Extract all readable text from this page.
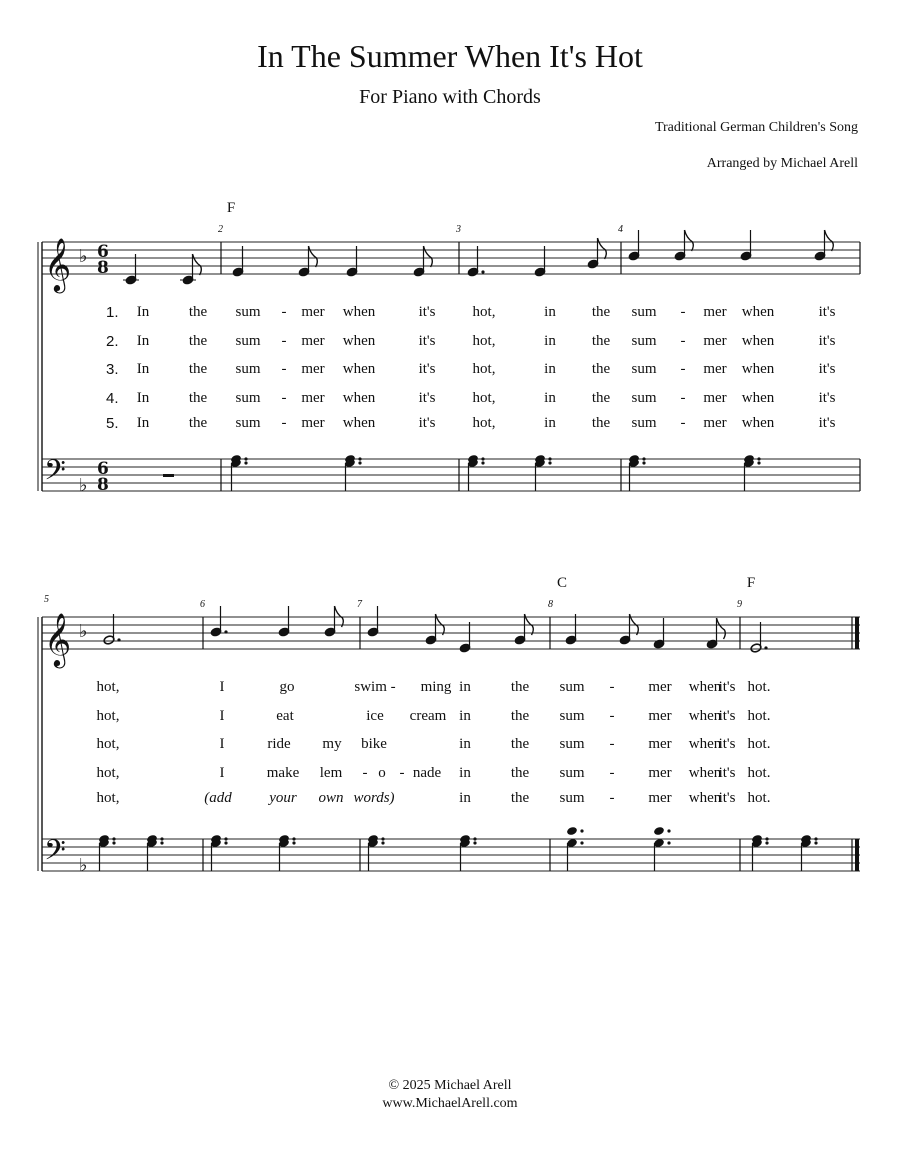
In The Summer When It's Hot
For Piano with Chords
Traditional German Children's Song
Arranged by Michael Arell
F
C	F
2	3	4
5	6	7	8	9
𝄞
𝄢
♭
♭
6
8
6
8
𝄞
𝄢
♭
♭
1.
2.
3.
4.
5.
In	the sum - mer when	it's hot,	in the sum - mer when	it's
In	the sum - mer when	it's hot,	in the sum - mer when	it's
In	the sum - mer when	it's hot,	in the sum - mer when	it's
In	the sum - mer when	it's hot,	in the sum - mer when	it's
In	the sum - mer when	it's hot,	in the sum - mer when	it's
hot,	I	go	swim - ming in	the sum - mer when
it's hot.
hot,	I	eat	ice cream in	the sum - mer when
it's hot.
hot,	I	ride my bike	in	the sum - mer when
it's hot.
hot,	I	make lem - o - nade in	the sum - mer when
it's hot.
hot,	(add	your own words)	in	the sum - mer when
it's hot.
© 2025 Michael Arell
www.MichaelArell.com
